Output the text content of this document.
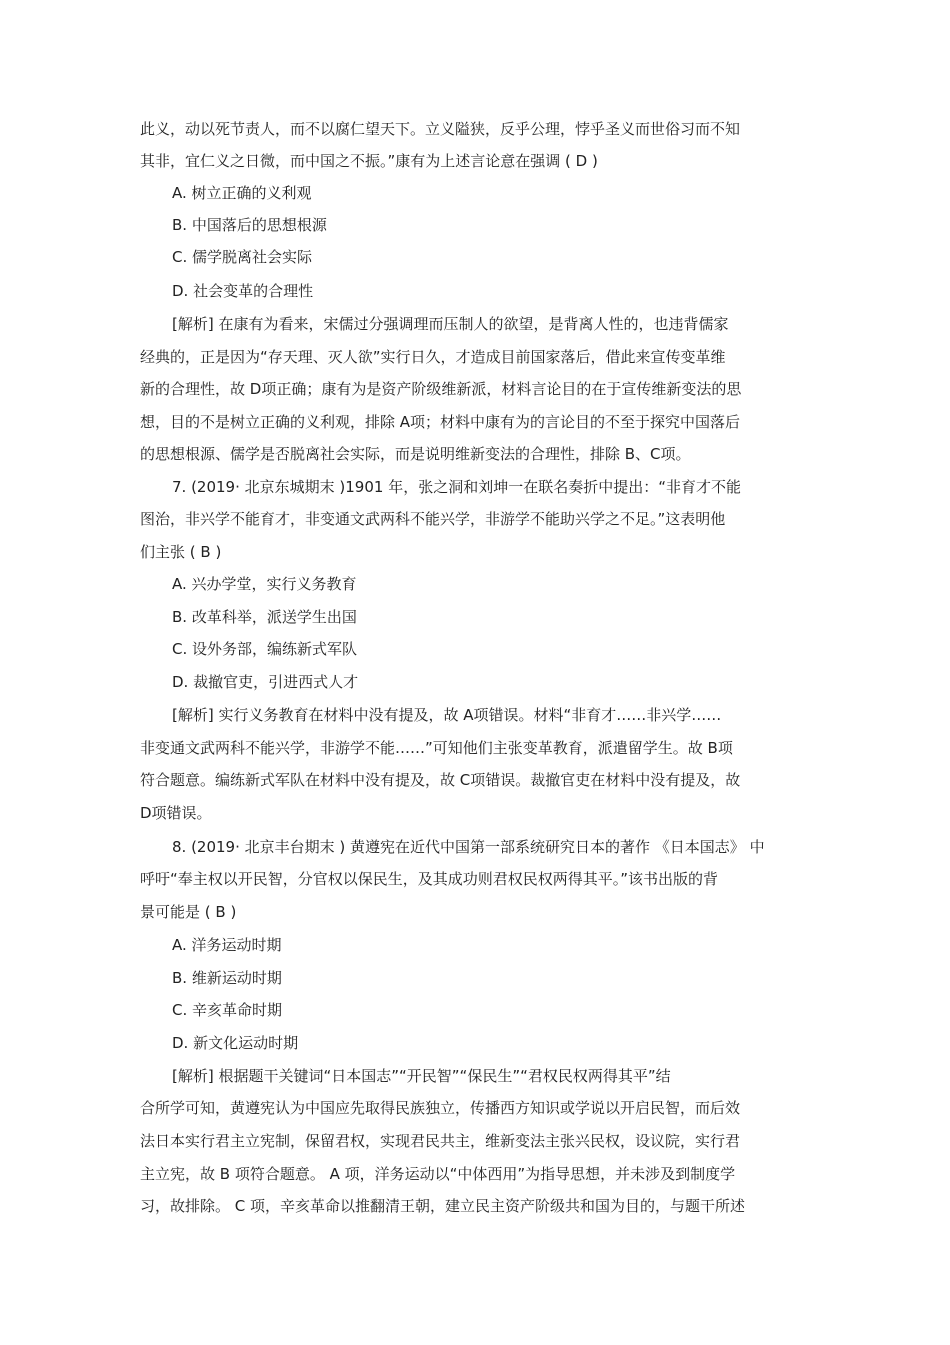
此义，动以死节责人，而不以腐仁望天下。立义隘狭，反乎公理，悖乎圣义而世俗习而不知
其非，宜仁义之日微，而中国之不振。”康有为上述言论意在强调 ( D )
A. 树立正确的义利观
B. 中国落后的思想根源
C. 儒学脱离社会实际
D. 社会变革的合理性
[解析] 在康有为看来，宋儒过分强调理而压制人的欲望，是背离人性的，也违背儒家
经典的，正是因为“存天理、灭人欲”实行日久，才造成目前国家落后，借此来宣传变革维
新的合理性，故 D项正确；康有为是资产阶级维新派，材料言论目的在于宣传维新变法的思
想，目的不是树立正确的义利观，排除 A项；材料中康有为的言论目的不至于探究中国落后
的思想根源、儒学是否脱离社会实际，而是说明维新变法的合理性，排除 B、C项。
7. (2019· 北京东城期末 )1901 年，张之洞和刘坤一在联名奏折中提出：“非育才不能
图治，非兴学不能育才，非变通文武两科不能兴学，非游学不能助兴学之不足。”这表明他
们主张 ( B )
A. 兴办学堂，实行义务教育
B. 改革科举，派送学生出国
C. 设外务部，编练新式军队
D. 裁撤官吏，引进西式人才
[解析] 实行义务教育在材料中没有提及，故 A项错误。材料“非育才……非兴学……
非变通文武两科不能兴学，非游学不能……”可知他们主张变革教育，派遣留学生。故 B项
符合题意。编练新式军队在材料中没有提及，故 C项错误。裁撤官吏在材料中没有提及，故
D项错误。
8. (2019· 北京丰台期末 ) 黄遵宪在近代中国第一部系统研究日本的著作 《日本国志》 中
呼吁“奉主权以开民智，分官权以保民生，及其成功则君权民权两得其平。”该书出版的背
景可能是 ( B )
A. 洋务运动时期
B. 维新运动时期
C. 辛亥革命时期
D. 新文化运动时期
[解析] 根据题干关键词“日本国志”“开民智”“保民生”“君权民权两得其平”结
合所学可知，黄遵宪认为中国应先取得民族独立，传播西方知识或学说以开启民智，而后效
法日本实行君主立宪制，保留君权，实现君民共主，维新变法主张兴民权，设议院，实行君
主立宪，故 B 项符合题意。 A 项，洋务运动以“中体西用”为指导思想，并未涉及到制度学
习，故排除。 C 项，辛亥革命以推翻清王朝，建立民主资产阶级共和国为目的，与题干所述
